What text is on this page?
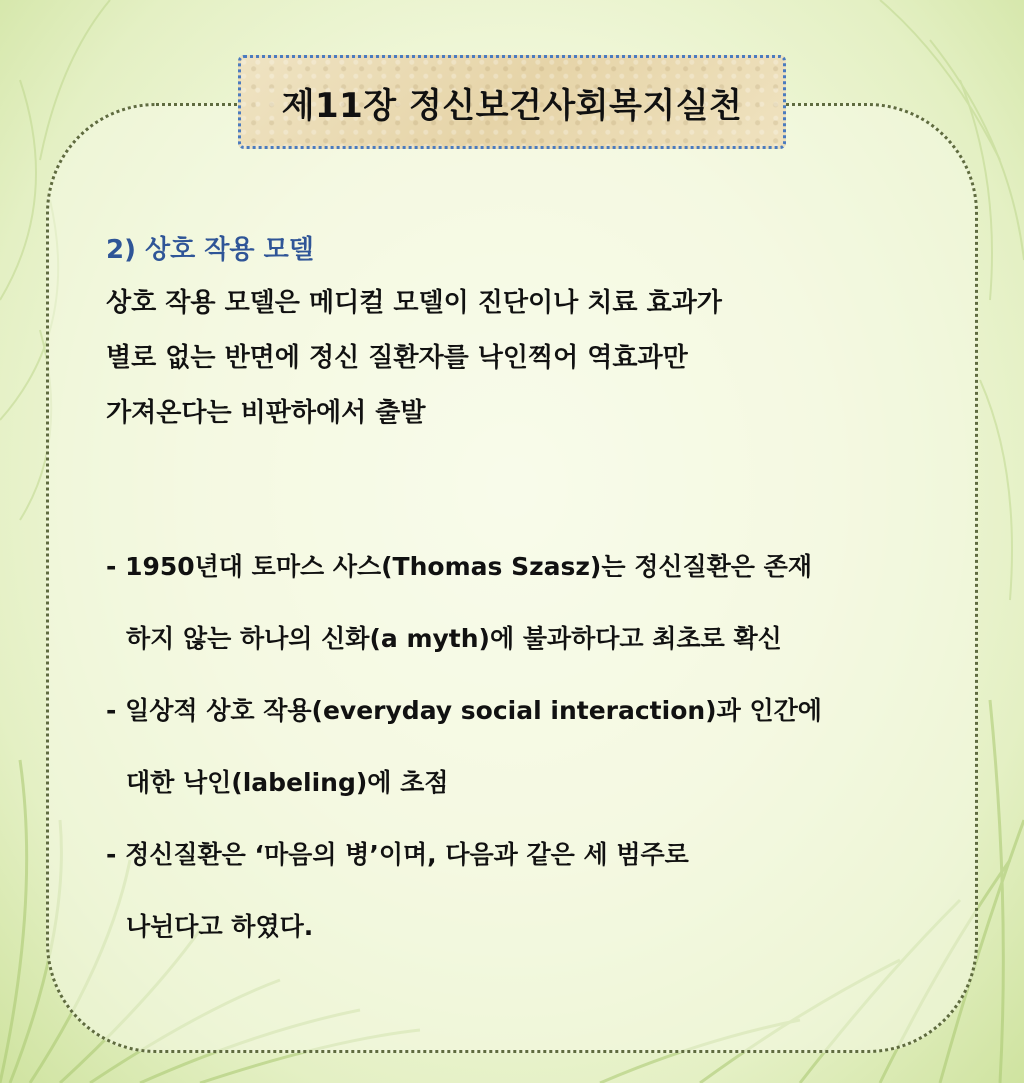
제11장 정신보건사회복지실천
2) 상호 작용 모델
상호 작용 모델은 메디컬 모델이 진단이나 치료 효과가
별로 없는 반면에 정신 질환자를 낙인찍어 역효과만
가져온다는 비판하에서 출발
- 1950년대 토마스 사스(Thomas Szasz)는 정신질환은 존재
하지 않는 하나의 신화(a myth)에 불과하다고 최초로 확신
- 일상적 상호 작용(everyday social interaction)과 인간에
대한 낙인(labeling)에 초점
- 정신질환은 ‘마음의 병’이며, 다음과 같은 세 범주로
나뉜다고 하였다.
